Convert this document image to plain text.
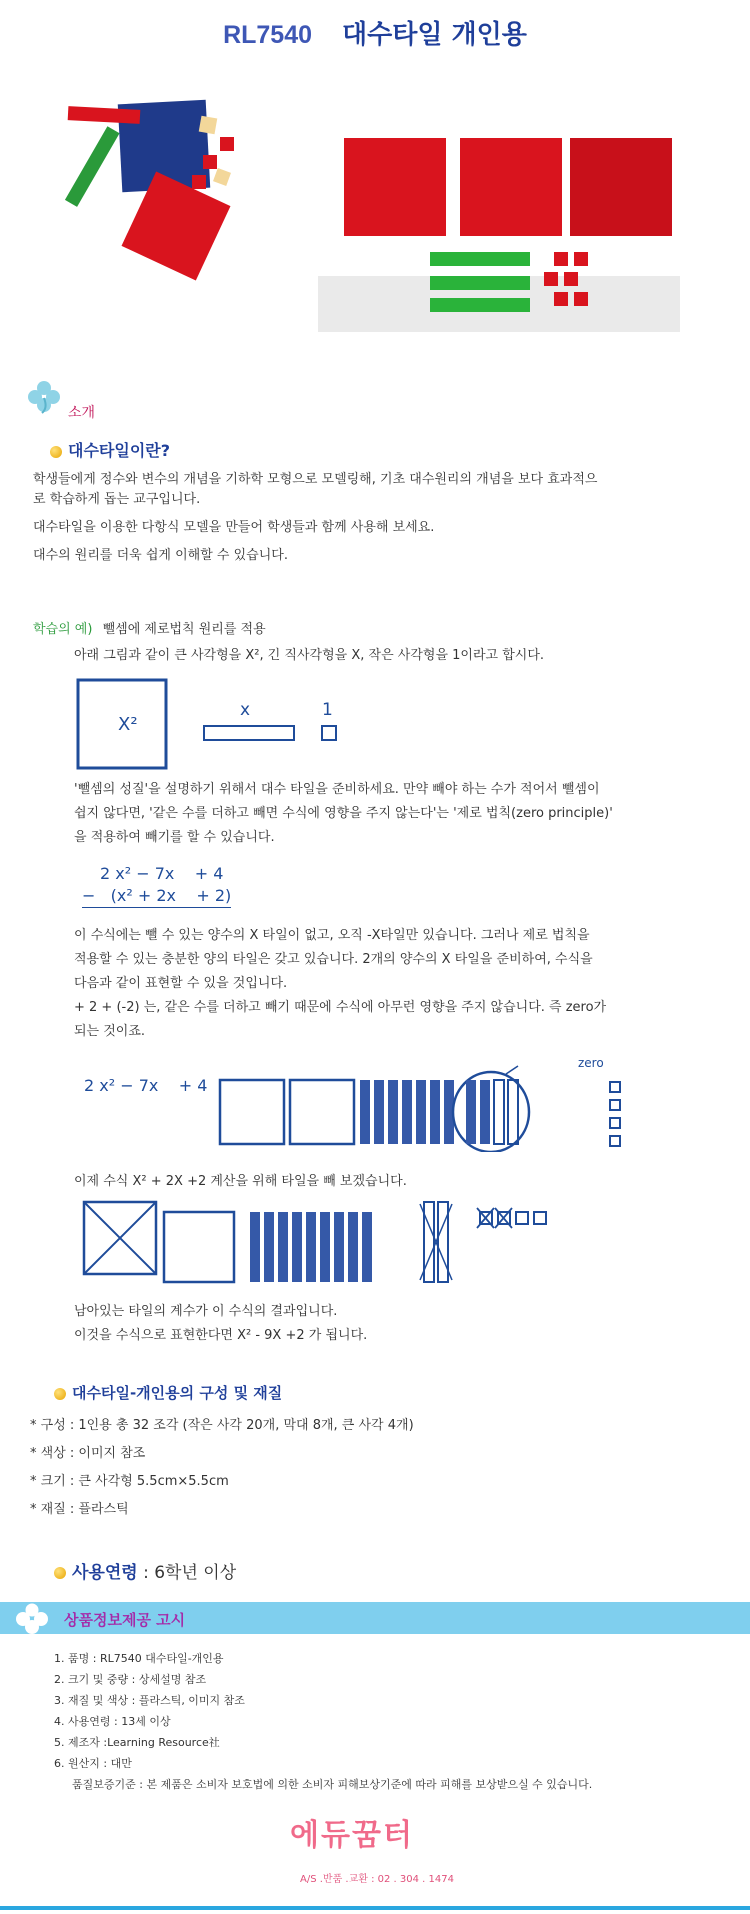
RL7540 대수타일 개인용
소개
대수타일이란?
학생들에게 정수와 변수의 개념을 기하학 모형으로 모델링해, 기초 대수원리의 개념을 보다 효과적으
로 학습하게 돕는 교구입니다.
대수타일을 이용한 다항식 모델을 만들어 학생들과 함께 사용해 보세요.
대수의 원리를 더욱 쉽게 이해할 수 있습니다.
학습의 예) 뺄셈에 제로법칙 원리를 적용
아래 그림과 같이 큰 사각형을 X², 긴 직사각형을 X, 작은 사각형을 1이라고 합시다.
X²
x	1
'뺄셈의 성질'을 설명하기 위해서 대수 타일을 준비하세요. 만약 빼야 하는 수가 적어서 뺄셈이
쉽지 않다면, '같은 수를 더하고 빼면 수식에 영향을 주지 않는다'는 '제로 법칙(zero principle)'
을 적용하여 빼기를 할 수 있습니다.
2 x² − 7x    + 4
−   (x² + 2x    + 2)
이 수식에는 뺄 수 있는 양수의 X 타일이 없고, 오직 -X타일만 있습니다. 그러나 제로 법칙을
적용할 수 있는 충분한 양의 타일은 갖고 있습니다. 2개의 양수의 X 타일을 준비하여, 수식을
다음과 같이 표현할 수 있을 것입니다.
+ 2 + (-2) 는, 같은 수를 더하고 빼기 때문에 수식에 아무런 영향을 주지 않습니다. 즉 zero가
되는 것이죠.
2 x² − 7x    + 4
zero
이제 수식 X² + 2X +2 계산을 위해 타일을 빼 보겠습니다.
남아있는 타일의 계수가 이 수식의 결과입니다.
이것을 수식으로 표현한다면 X² - 9X +2 가 됩니다.
대수타일-개인용의 구성 및 재질
* 구성 : 1인용 총 32 조각 (작은 사각 20개, 막대 8개, 큰 사각 4개)
* 색상 : 이미지 참조
* 크기 : 큰 사각형 5.5cm×5.5cm
* 재질 : 플라스틱
사용연령 : 6학년 이상
상품정보제공 고시
1. 품명 : RL7540 대수타일-개인용
2. 크기 및 중량 : 상세설명 참조
3. 재질 및 색상 : 플라스틱, 이미지 참조
4. 사용연령 : 13세 이상
5. 제조자 :Learning Resource社
6. 원산지 : 대만
품질보증기준 : 본 제품은 소비자 보호법에 의한 소비자 피해보상기준에 따라 피해를 보상받으실 수 있습니다.
에듀꿈터
A/S .반품 .교환 : 02 . 304 . 1474
